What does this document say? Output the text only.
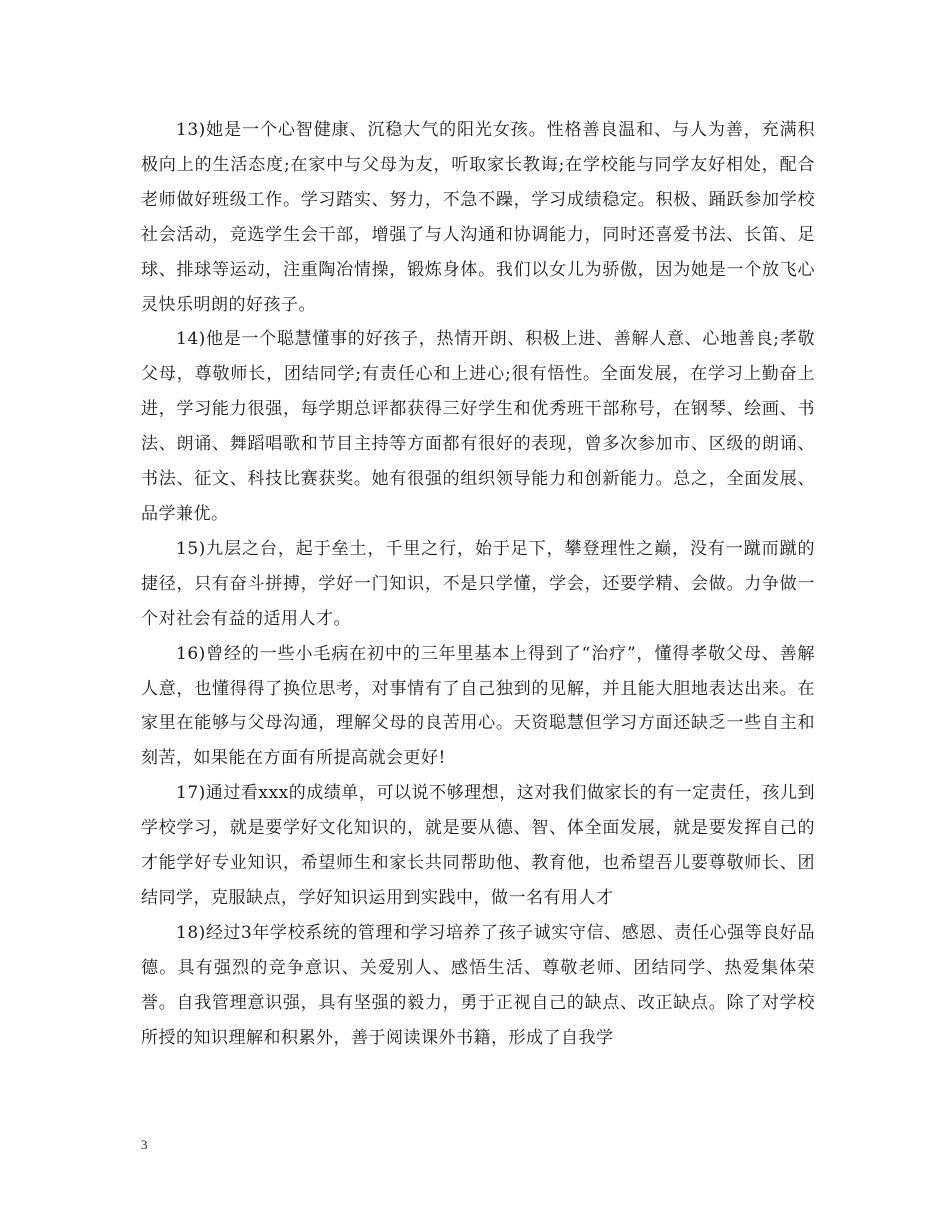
13)她是一个心智健康、沉稳大气的阳光女孩。性格善良温和、与人为善，充满积极向上的生活态度;在家中与父母为友，听取家长教诲;在学校能与同学友好相处，配合老师做好班级工作。学习踏实、努力，不急不躁，学习成绩稳定。积极、踊跃参加学校社会活动，竞选学生会干部，增强了与人沟通和协调能力，同时还喜爱书法、长笛、足球、排球等运动，注重陶冶情操，锻炼身体。我们以女儿为骄傲，因为她是一个放飞心灵快乐明朗的好孩子。

14)他是一个聪慧懂事的好孩子，热情开朗、积极上进、善解人意、心地善良;孝敬父母，尊敬师长，团结同学;有责任心和上进心;很有悟性。全面发展，在学习上勤奋上进，学习能力很强，每学期总评都获得三好学生和优秀班干部称号，在钢琴、绘画、书法、朗诵、舞蹈唱歌和节目主持等方面都有很好的表现，曾多次参加市、区级的朗诵、书法、征文、科技比赛获奖。她有很强的组织领导能力和创新能力。总之，全面发展、品学兼优。

15)九层之台，起于垒土，千里之行，始于足下，攀登理性之巅，没有一蹴而蹴的捷径，只有奋斗拼搏，学好一门知识，不是只学懂，学会，还要学精、会做。力争做一个对社会有益的适用人才。

16)曾经的一些小毛病在初中的三年里基本上得到了“治疗”，懂得孝敬父母、善解人意，也懂得得了换位思考，对事情有了自己独到的见解，并且能大胆地表达出来。在家里在能够与父母沟通，理解父母的良苦用心。天资聪慧但学习方面还缺乏一些自主和刻苦，如果能在方面有所提高就会更好!

17)通过看xxx的成绩单，可以说不够理想，这对我们做家长的有一定责任，孩儿到学校学习，就是要学好文化知识的，就是要从德、智、体全面发展，就是要发挥自己的才能学好专业知识，希望师生和家长共同帮助他、教育他，也希望吾儿要尊敬师长、团结同学，克服缺点，学好知识运用到实践中，做一名有用人才

18)经过3年学校系统的管理和学习培养了孩子诚实守信、感恩、责任心强等良好品德。具有强烈的竞争意识、关爱别人、感悟生活、尊敬老师、团结同学、热爱集体荣誉。自我管理意识强，具有坚强的毅力，勇于正视自己的缺点、改正缺点。除了对学校所授的知识理解和积累外，善于阅读课外书籍，形成了自我学

3
